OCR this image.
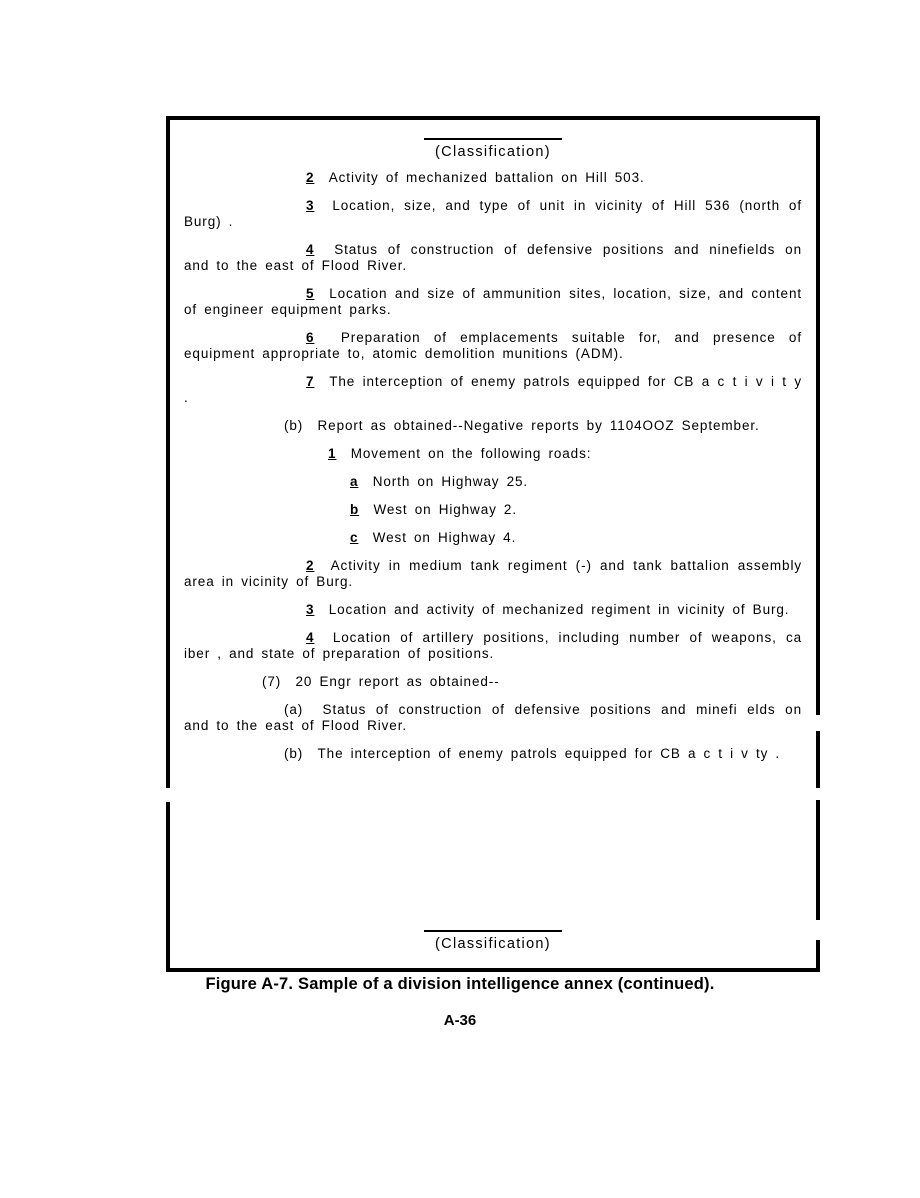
(Classification)

2 Activity of mechanized battalion on Hill 503.

3 Location, size, and type of unit in vicinity of Hill 536 (north of Burg) .

4 Status of construction of defensive positions and ninefields on and to the east of Flood River.

5 Location and size of ammunition sites, location, size, and content of engineer equipment parks.

6 Preparation of emplacements suitable for, and presence of equipment appropriate to, atomic demolition munitions (ADM).

7 The interception of enemy patrols equipped for CB a c t i v i t y .

(b) Report as obtained--Negative reports by 1104OOZ September.

1 Movement on the following roads:

a North on Highway 25.

b West on Highway 2.

c West on Highway 4.

2 Activity in medium tank regiment (-) and tank battalion assembly area in vicinity of Burg.

3 Location and activity of mechanized regiment in vicinity of Burg.

4 Location of artillery positions, including number of weapons, ca iber , and state of preparation of positions.

(7) 20 Engr report as obtained--

(a) Status of construction of defensive positions and minefi elds on and to the east of Flood River.

(b) The interception of enemy patrols equipped for CB a c t i v ty .

(Classification)
Figure A-7. Sample of a division intelligence annex (continued).
A-36
